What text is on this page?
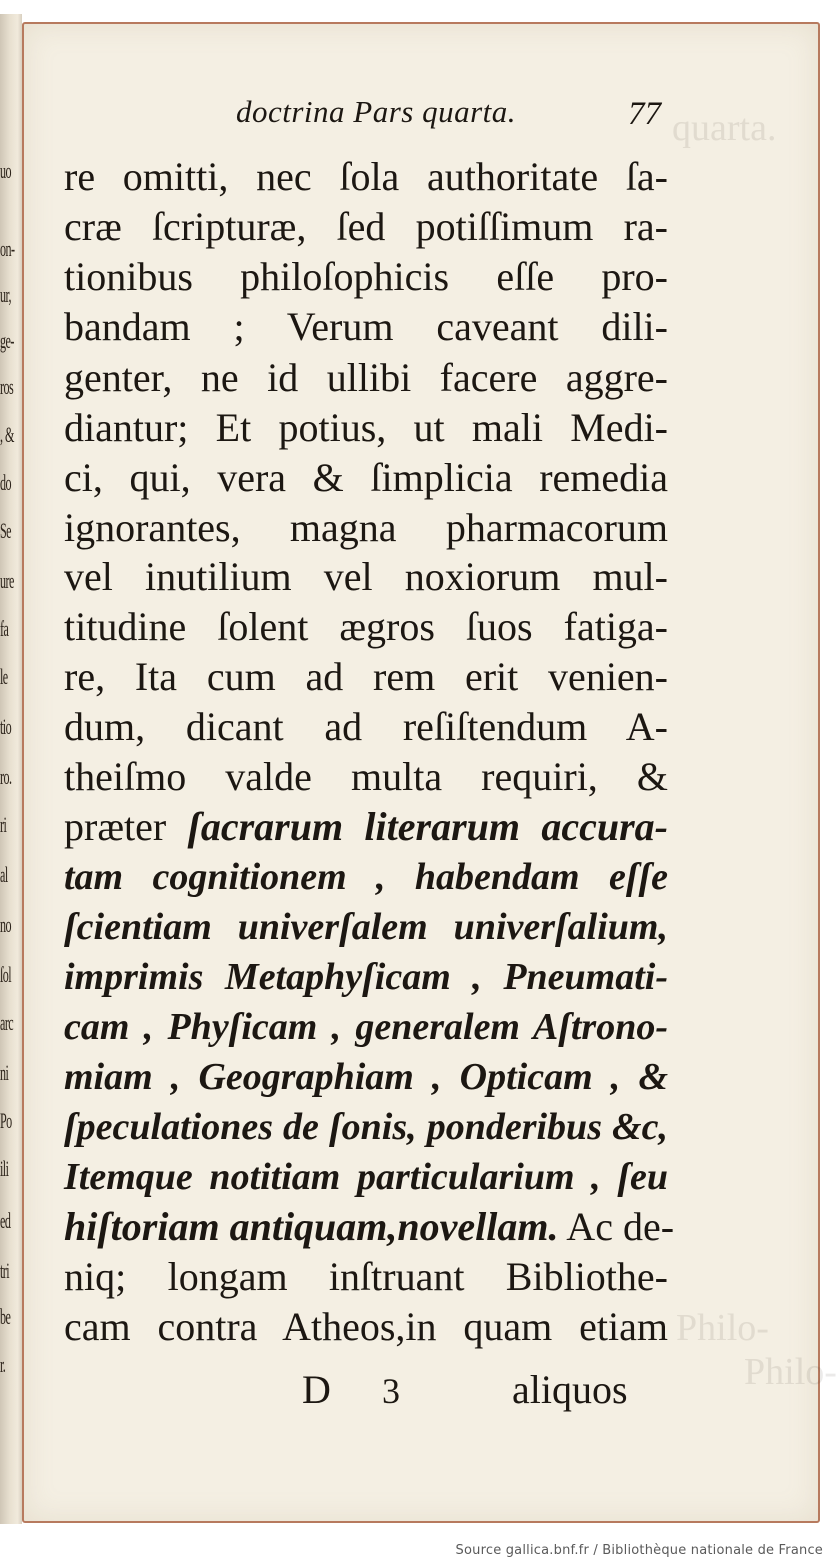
uo
on-
ur,
ge-
ros
, &
do
Se
ure
fa
le
tio
ro.
ri
al
no
ſol
arc
ni
Po
ili
ed
tri
be
r.
quarta.
Philo-
doctrina Pars quarta.	77
re omitti, nec ſola authoritate ſa-
cræ ſcripturæ, ſed potiſſimum ra-
tionibus philoſophicis eſſe pro-
bandam ; Verum caveant dili-
genter, ne id ullibi facere aggre-
diantur; Et potius, ut mali Medi-
ci, qui, vera & ſimplicia remedia
ignorantes, magna pharmacorum
vel inutilium vel noxiorum mul-
titudine ſolent ægros ſuos fatiga-
re, Ita cum ad rem erit venien-
dum, dicant ad reſiſtendum A-
theiſmo valde multa requiri, &
præter ſacrarum literarum accura-
tam cognitionem , habendam eſſe
ſcientiam univerſalem univerſalium,
imprimis Metaphyſicam , Pneumati-
cam , Phyſicam , generalem Aſtrono-
miam , Geographiam , Opticam , &
ſpeculationes de ſonis, ponderibus &c,
Itemque notitiam particularium , ſeu
hiſtoriam antiquam,novellam. Ac de-
niq; longam inſtruant Bibliothe-
cam contra Atheos,in quam etiam
D 3	aliquos	Philo-
Source gallica.bnf.fr / Bibliothèque nationale de France
